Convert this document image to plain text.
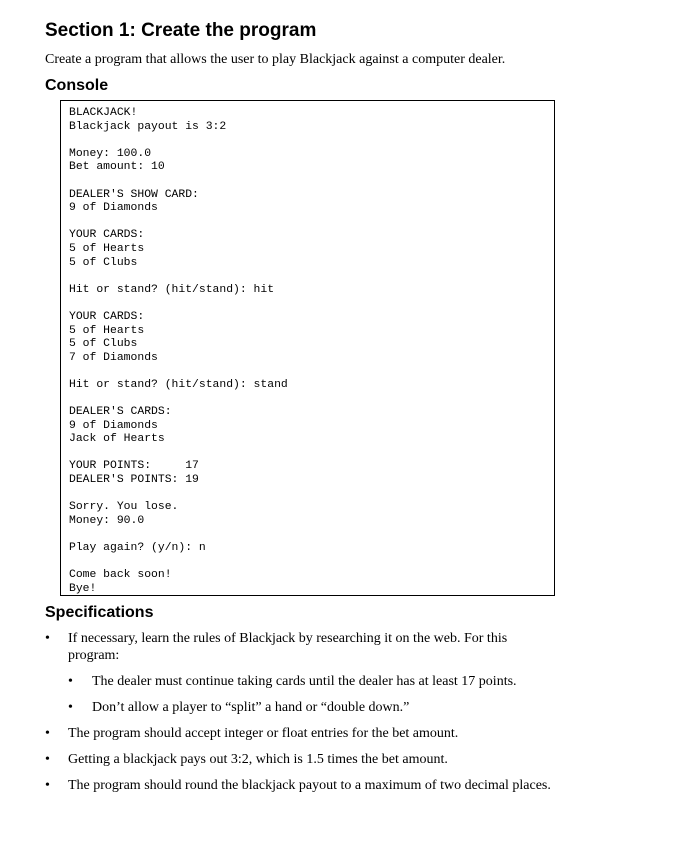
Section 1: Create the program

Create a program that allows the user to play Blackjack against a computer dealer.

Console
BLACKJACK!
Blackjack payout is 3:2
Money: 100.0
Bet amount: 10
DEALER'S SHOW CARD:
9 of Diamonds
YOUR CARDS:
5 of Hearts
5 of Clubs
Hit or stand? (hit/stand): hit
YOUR CARDS:
5 of Hearts
5 of Clubs
7 of Diamonds
Hit or stand? (hit/stand): stand
DEALER'S CARDS:
9 of Diamonds
Jack of Hearts
YOUR POINTS:     17
DEALER'S POINTS: 19
Sorry. You lose.
Money: 90.0
Play again? (y/n): n
Come back soon!
Bye!
Specifications
• If necessary, learn the rules of Blackjack by researching it on the web. For this program:
• The dealer must continue taking cards until the dealer has at least 17 points.
• Don’t allow a player to “split” a hand or “double down.”
• The program should accept integer or float entries for the bet amount.
• Getting a blackjack pays out 3:2, which is 1.5 times the bet amount.
• The program should round the blackjack payout to a maximum of two decimal places.
